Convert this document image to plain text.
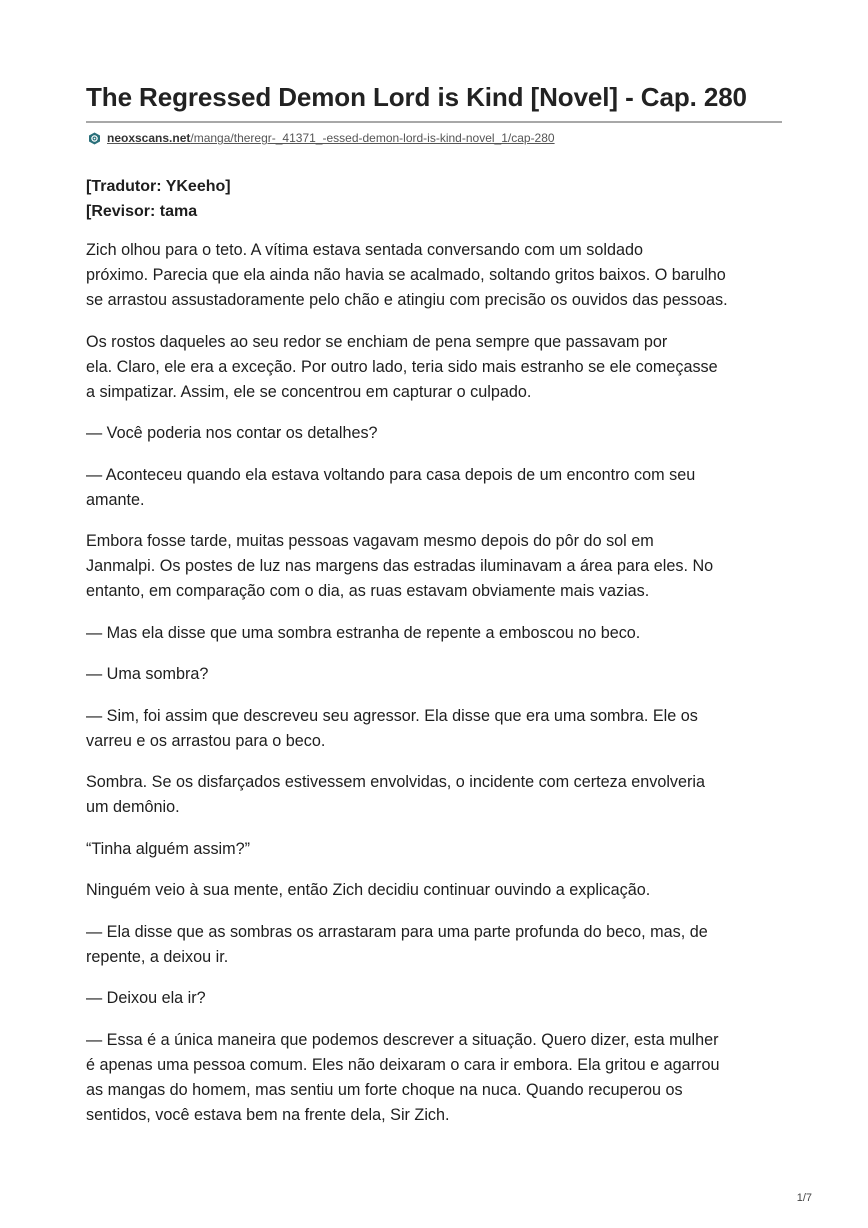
The Regressed Demon Lord is Kind [Novel] - Cap. 280
neoxscans.net/manga/theregr-_41371_-essed-demon-lord-is-kind-novel_1/cap-280
[Tradutor: YKeeho]
[Revisor: tama

Zich olhou para o teto. A vítima estava sentada conversando com um soldado
próximo. Parecia que ela ainda não havia se acalmado, soltando gritos baixos. O barulho
se arrastou assustadoramente pelo chão e atingiu com precisão os ouvidos das pessoas.

Os rostos daqueles ao seu redor se enchiam de pena sempre que passavam por
ela. Claro, ele era a exceção. Por outro lado, teria sido mais estranho se ele começasse
a simpatizar. Assim, ele se concentrou em capturar o culpado.

— Você poderia nos contar os detalhes?

— Aconteceu quando ela estava voltando para casa depois de um encontro com seu
amante.

Embora fosse tarde, muitas pessoas vagavam mesmo depois do pôr do sol em
Janmalpi. Os postes de luz nas margens das estradas iluminavam a área para eles. No
entanto, em comparação com o dia, as ruas estavam obviamente mais vazias.

— Mas ela disse que uma sombra estranha de repente a emboscou no beco.

— Uma sombra?

— Sim, foi assim que descreveu seu agressor. Ela disse que era uma sombra. Ele os
varreu e os arrastou para o beco.

Sombra. Se os disfarçados estivessem envolvidas, o incidente com certeza envolveria
um demônio.

“Tinha alguém assim?”

Ninguém veio à sua mente, então Zich decidiu continuar ouvindo a explicação.

— Ela disse que as sombras os arrastaram para uma parte profunda do beco, mas, de
repente, a deixou ir.

— Deixou ela ir?

— Essa é a única maneira que podemos descrever a situação. Quero dizer, esta mulher
é apenas uma pessoa comum. Eles não deixaram o cara ir embora. Ela gritou e agarrou
as mangas do homem, mas sentiu um forte choque na nuca. Quando recuperou os
sentidos, você estava bem na frente dela, Sir Zich.

1/7
